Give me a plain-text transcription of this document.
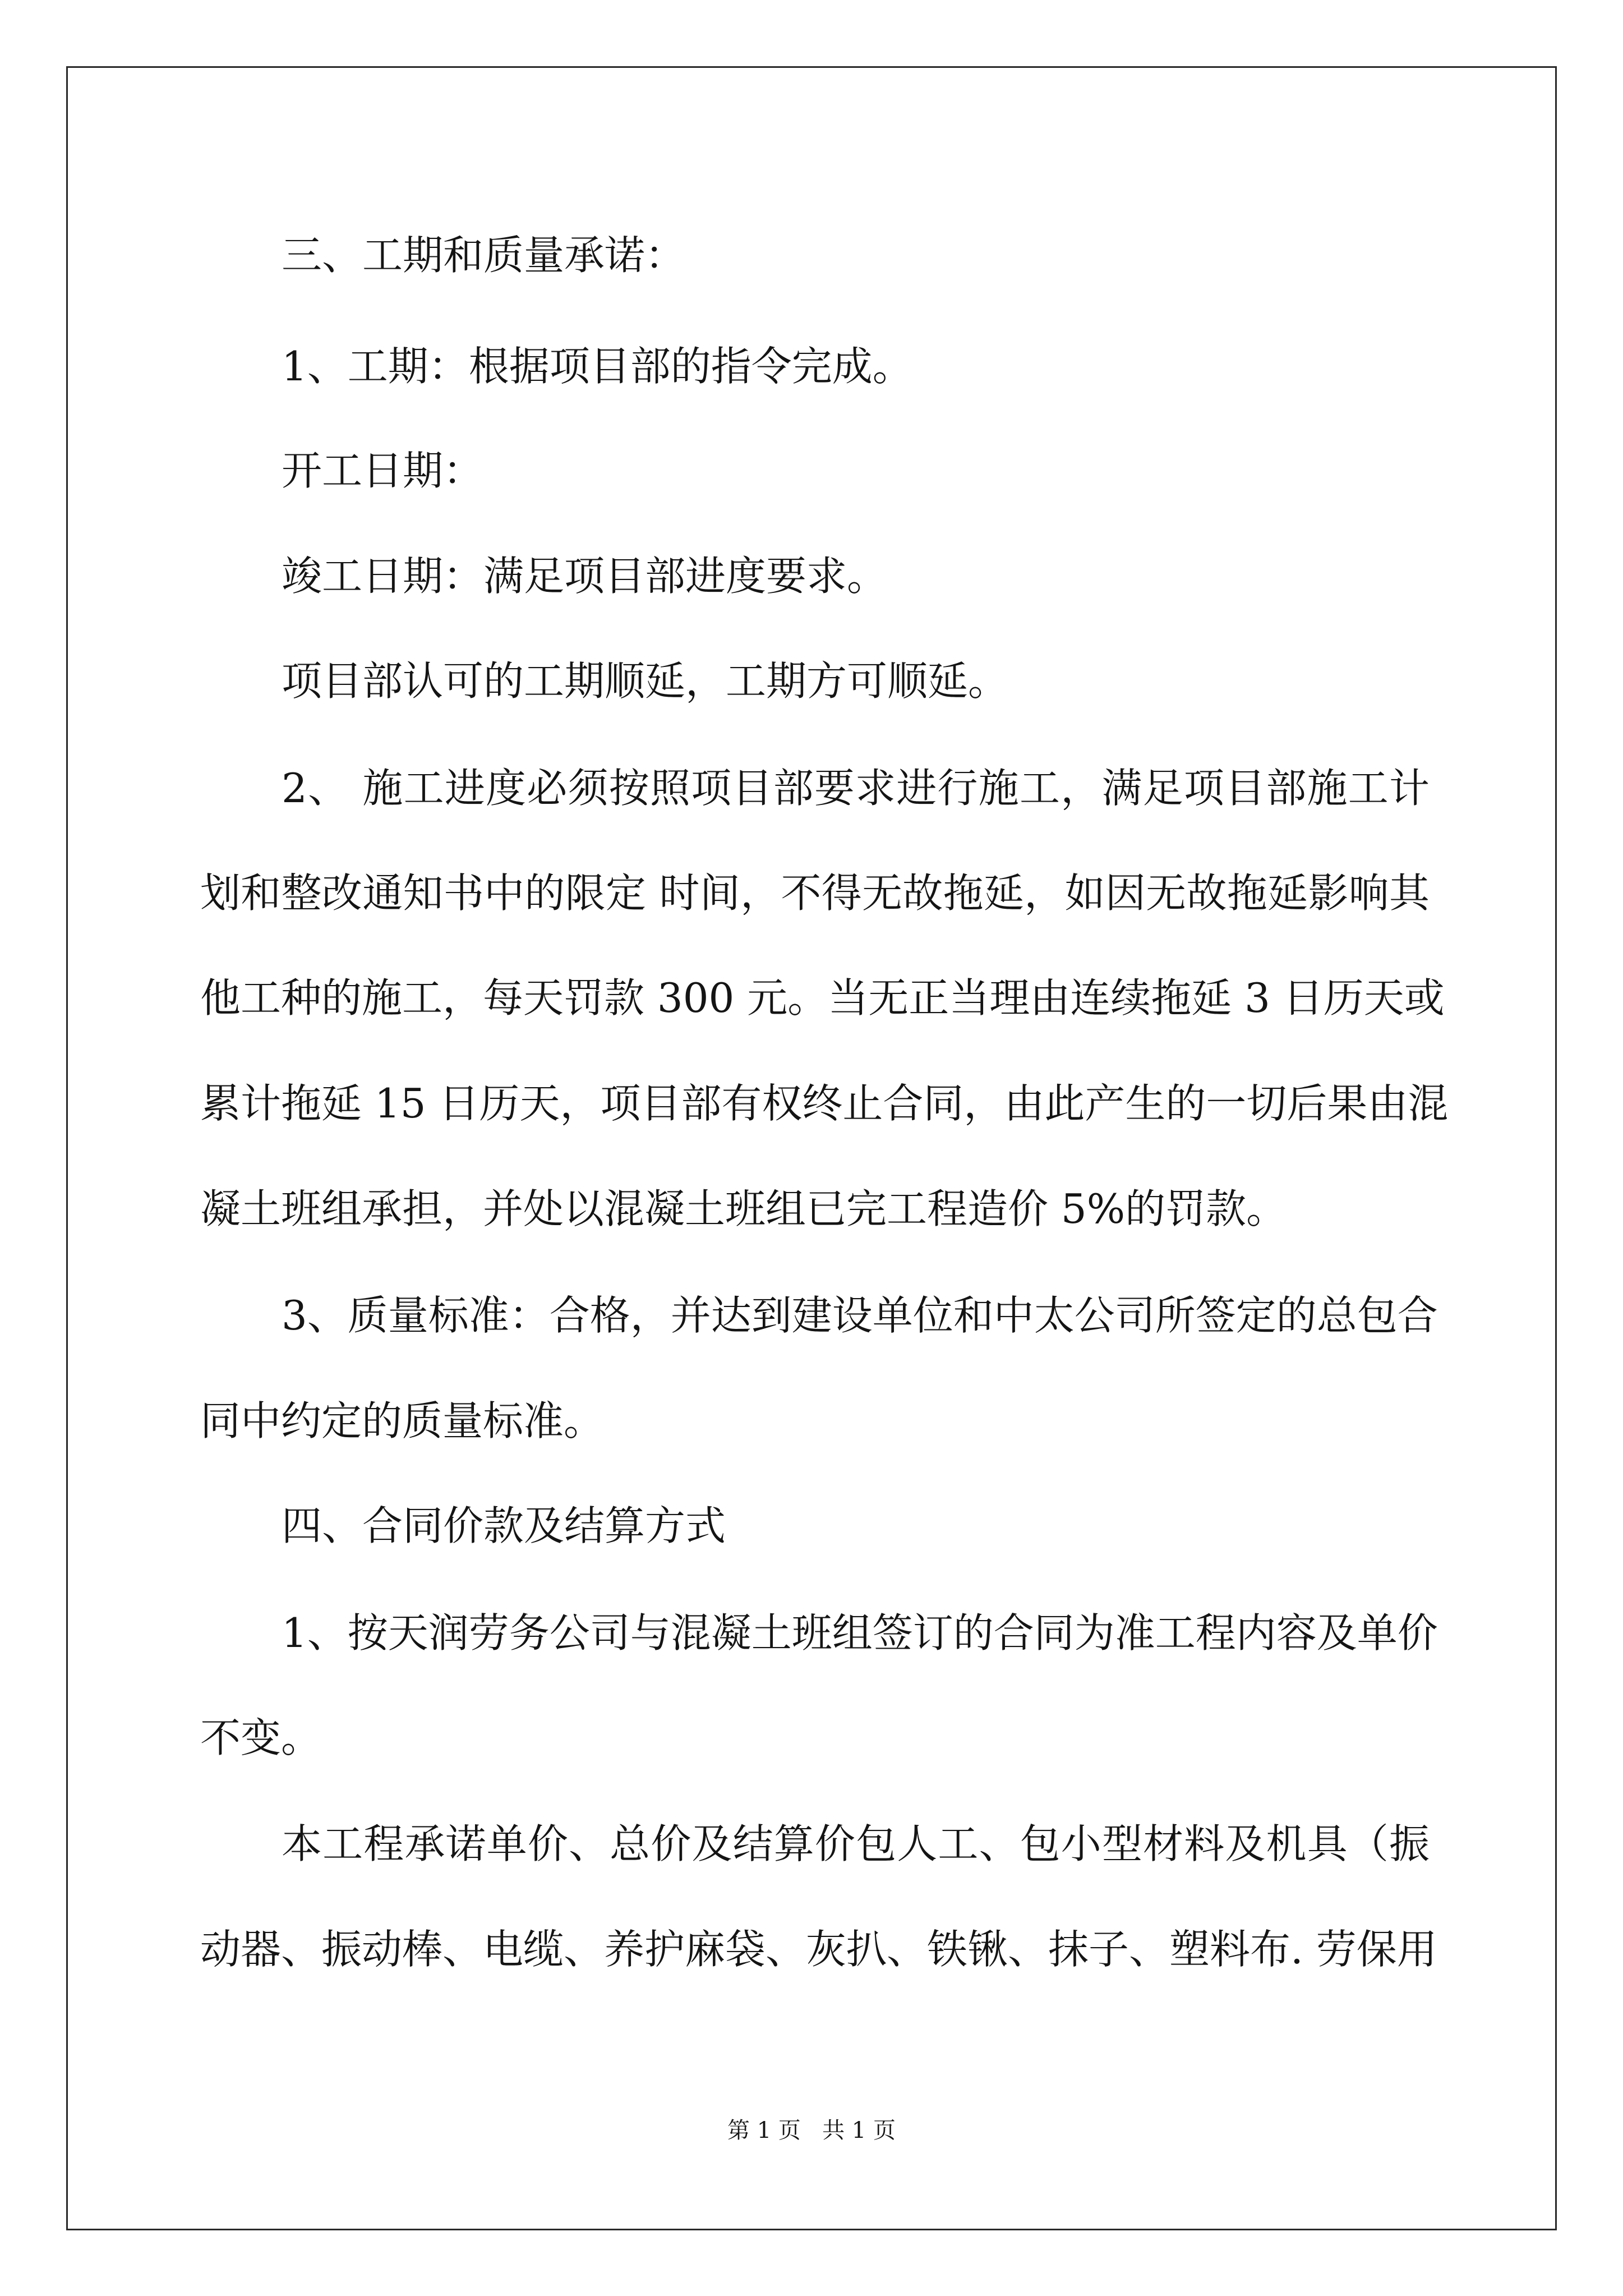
三、工期和质量承诺：
1、工期：根据项目部的指令完成。
开工日期：
竣工日期：满足项目部进度要求。
项目部认可的工期顺延，工期方可顺延。
2、 施工进度必须按照项目部要求进行施工，满足项目部施工计
划和整改通知书中的限定 时间，不得无故拖延，如因无故拖延影响其
他工种的施工，每天罚款 300 元。当无正当理由连续拖延 3 日历天或
累计拖延 15 日历天，项目部有权终止合同，由此产生的一切后果由混
凝土班组承担，并处以混凝土班组已完工程造价 5%的罚款。
3、质量标准：合格，并达到建设单位和中太公司所签定的总包合
同中约定的质量标准。
四、合同价款及结算方式
1、按天润劳务公司与混凝土班组签订的合同为准工程内容及单价
不变。
本工程承诺单价、总价及结算价包人工、包小型材料及机具（振
动器、振动棒、电缆、养护麻袋、灰扒、铁锹、抹子、塑料布. 劳保用
第 1 页   共 1 页
